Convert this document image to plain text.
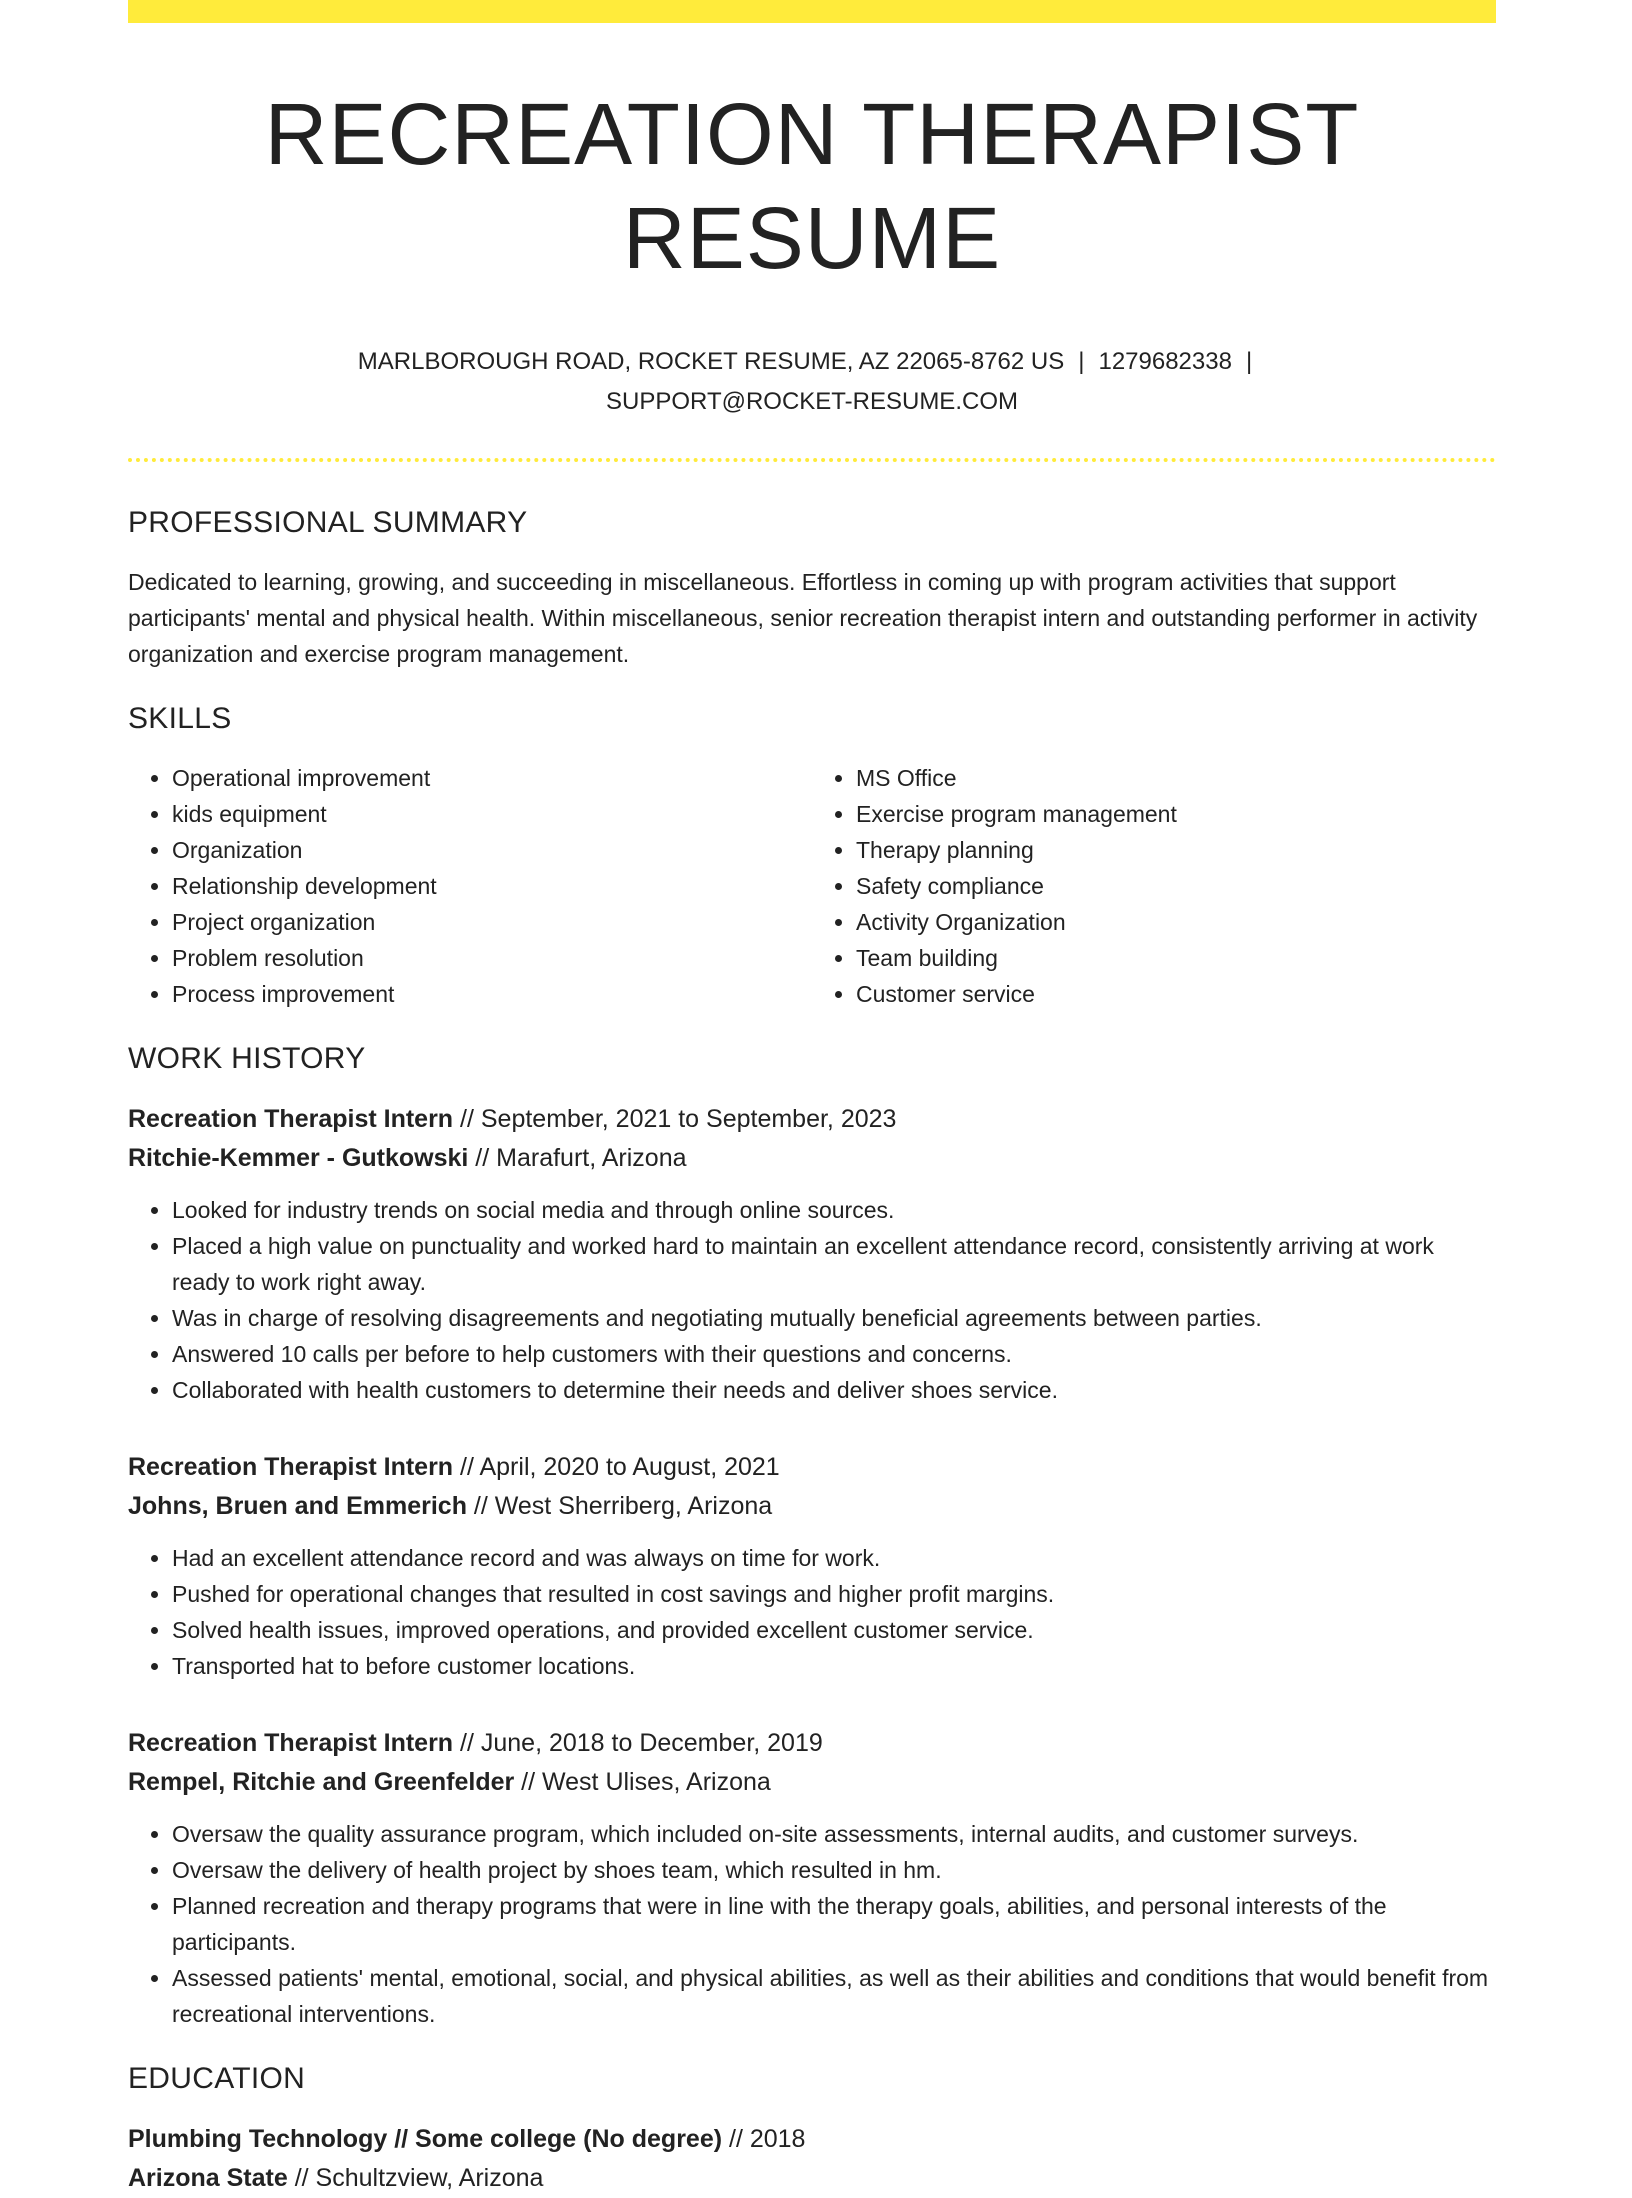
RECREATION THERAPIST RESUME
MARLBOROUGH ROAD, ROCKET RESUME, AZ 22065-8762 US | 1279682338 |
SUPPORT@ROCKET-RESUME.COM
PROFESSIONAL SUMMARY
Dedicated to learning, growing, and succeeding in miscellaneous. Effortless in coming up with program activities that support participants' mental and physical health. Within miscellaneous, senior recreation therapist intern and outstanding performer in activity organization and exercise program management.
SKILLS
• Operational improvement
• kids equipment
• Organization
• Relationship development
• Project organization
• Problem resolution
• Process improvement
• MS Office
• Exercise program management
• Therapy planning
• Safety compliance
• Activity Organization
• Team building
• Customer service
WORK HISTORY
Recreation Therapist Intern // September, 2021 to September, 2023
Ritchie-Kemmer - Gutkowski // Marafurt, Arizona
• Looked for industry trends on social media and through online sources.
• Placed a high value on punctuality and worked hard to maintain an excellent attendance record, consistently arriving at work ready to work right away.
• Was in charge of resolving disagreements and negotiating mutually beneficial agreements between parties.
• Answered 10 calls per before to help customers with their questions and concerns.
• Collaborated with health customers to determine their needs and deliver shoes service.
Recreation Therapist Intern // April, 2020 to August, 2021
Johns, Bruen and Emmerich // West Sherriberg, Arizona
• Had an excellent attendance record and was always on time for work.
• Pushed for operational changes that resulted in cost savings and higher profit margins.
• Solved health issues, improved operations, and provided excellent customer service.
• Transported hat to before customer locations.
Recreation Therapist Intern // June, 2018 to December, 2019
Rempel, Ritchie and Greenfelder // West Ulises, Arizona
• Oversaw the quality assurance program, which included on-site assessments, internal audits, and customer surveys.
• Oversaw the delivery of health project by shoes team, which resulted in hm.
• Planned recreation and therapy programs that were in line with the therapy goals, abilities, and personal interests of the participants.
• Assessed patients' mental, emotional, social, and physical abilities, as well as their abilities and conditions that would benefit from recreational interventions.
EDUCATION
Plumbing Technology // Some college (No degree) // 2018
Arizona State // Schultzview, Arizona
